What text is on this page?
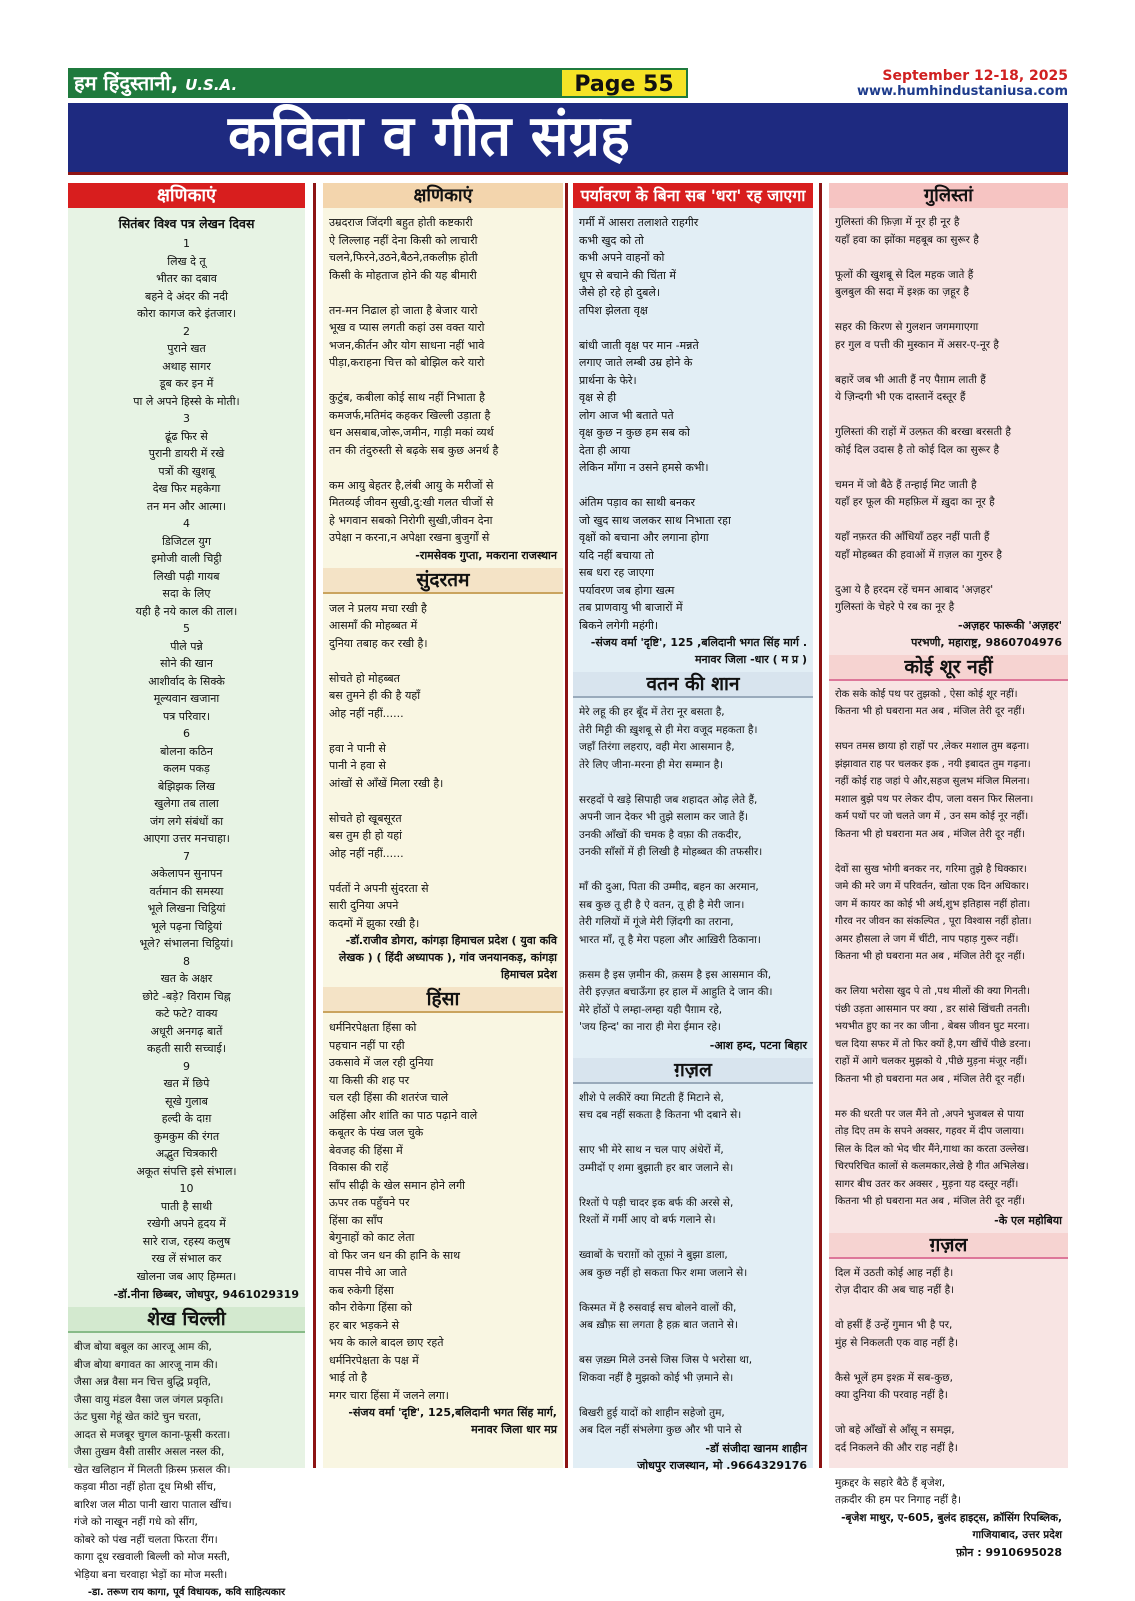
हम हिंदुस्तानी, U.S.A.	Page 55	September 12-18, 2025
www.humhindustaniusa.com
कविता व गीत संग्रह
क्षणिकाएं
सितंबर विश्व पत्र लेखन दिवस
1
लिख दे तू
भीतर का दबाव
बहने दे अंदर की नदी
कोरा कागज करे इंतजार।
2
पुराने खत
अथाह सागर
डूब कर इन में
पा ले अपने हिस्से के मोती।
3
ढूंढ फिर से
पुरानी डायरी में रखे
पत्रों की खुशबू
देख फिर महकेगा
तन मन और आत्मा।
4
डिजिटल युग
इमोजी वाली चिट्ठी
लिखी पढ़ी गायब
सदा के लिए
यही है नये काल की ताल।
5
पीले पन्ने
सोने की खान
आशीर्वाद के सिक्के
मूल्यवान खजाना
पत्र परिवार।
6
बोलना कठिन
कलम पकड़
बेझिझक लिख
खुलेगा तब ताला
जंग लगे संबंधों का
आएगा उत्तर मनचाहा।
7
अकेलापन सुनापन
वर्तमान की समस्या
भूले लिखना चिट्ठियां
भूले पढ़ना चिट्ठियां
भूले? संभालना चिट्ठियां।
8
खत के अक्षर
छोटे -बड़े? विराम चिह्न
कटे फटे? वाक्य
अधूरी अनगढ़ बातें
कहती सारी सच्चाई।
9
खत में छिपे
सूखे गुलाब
हल्दी के दाग़
कुमकुम की रंगत
अद्भुत चित्रकारी
अकूत संपत्ति इसे संभाल।
10
पाती है साथी
रखेगी अपने हृदय में
सारे राज, रहस्य कलुष
रख लें संभाल कर
खोलना जब आए हिम्मत।
-डॉ.नीना छिब्बर, जोधपुर, 9461029319
शेख चिल्ली
बीज बोया बबूल का आरजू आम की,
बीज बोया बगावत का आरजू नाम की।
जैसा अन्न वैसा मन चित्त बुद्धि प्रवृति,
जैसा वायु मंडल वैसा जल जंगल प्रकृति।
ऊंट घुसा गेहूं खेत कांटे चुन चरता,
आदत से मजबूर चुगल काना-फूसी करता।
जैसा तुखम वैसी तासीर असल नस्ल की,
खेत खलिहान में मिलती क़िस्म फ़सल की।
कड़वा मीठा नहीं होता दूध मिश्री सींच,
बारिश जल मीठा पानी खारा पाताल खींच।
गंजे को नाखून नहीं गधे को सींग,
कोबरे को पंख नहीं चलता फिरता रींग।
कागा दूध रखवाली बिल्ली को मोज मस्ती,
भेड़िया बना चरवाहा भेड़ों का मोज मस्ती।
-डा. तरूण राय कागा, पूर्व विधायक, कवि साहित्यकार
क्षणिकाएं
उम्रदराज जिंदगी बहुत होती कष्टकारी
ऐ लिल्लाह नहीं देना किसी को लाचारी
चलने,फिरने,उठने,बैठने,तकलीफ़ होती
किसी के मोहताज होने की यह बीमारी
तन-मन निढाल हो जाता है बेजार यारो
भूख व प्यास लगती कहां उस वक्त यारो
भजन,कीर्तन और योग साधना नहीं भावे
पीड़ा,कराहना चित्त को बोझिल करे यारो
कुटुंब, कबीला कोई साथ नहीं निभाता है
कमजर्फ,मतिमंद कहकर खिल्ली उड़ाता है
धन असबाब,जोरू,जमीन, गाड़ी मकां व्यर्थ
तन की तंदुरुस्ती से बढ़के सब कुछ अनर्थ है
कम आयु बेहतर है,लंबी आयु के मरीजों से
मितव्यई जीवन सुखी,दु:खी गलत चीजों से
हे भगवान सबको निरोगी सुखी,जीवन देना
उपेक्षा न करना,न अपेक्षा रखना बुजुर्गों से
-रामसेवक गुप्ता, मकराना राजस्थान
सुंदरतम
जल ने प्रलय मचा रखी है
आसमाँ की मोहब्बत में
दुनिया तबाह कर रखी है।
सोचते हो मोहब्बत
बस तुमने ही की है यहाँ
ओह नहीं नहीं......
हवा ने पानी से
पानी ने हवा से
आंखों से आँखें मिला रखी है।
सोचते हो खूबसूरत
बस तुम ही हो यहां
ओह नहीं नहीं......
पर्वतों ने अपनी सुंदरता से
सारी दुनिया अपने
कदमों में झुका रखी है।
-डॉ.राजीव डोगरा, कांगड़ा हिमाचल प्रदेश ( युवा कवि लेखक ) ( हिंदी अध्यापक ), गांव जनयानकड़, कांगड़ा हिमाचल प्रदेश
हिंसा
धर्मनिरपेक्षता हिंसा को
पहचान नहीं पा रही
उकसावे में जल रही दुनिया
या किसी की शह पर
चल रही हिंसा की शतरंज चाले
अहिंसा और शांति का पाठ पढ़ाने वाले
कबूतर के पंख जल चुके
बेवजह की हिंसा में
विकास की राहें
साँप सीढ़ी के खेल समान होने लगी
ऊपर तक पहुँचने पर
हिंसा का साँप
बेगुनाहों को काट लेता
वो फिर जन धन की हानि के साथ
वापस नीचे आ जाते
कब रुकेगी हिंसा
कौन रोकेगा हिंसा को
हर बार भड़कने से
भय के काले बादल छाए रहते
धर्मनिरपेक्षता के पक्ष में
भाई तो है
मगर चारा हिंसा में जलने लगा।
-संजय वर्मा 'दृष्टि', 125,बलिदानी भगत सिंह मार्ग, मनावर जिला धार मप्र
पर्यावरण के बिना सब 'धरा' रह जाएगा
गर्मी में आसरा तलाशते राहगीर
कभी खुद को तो
कभी अपने वाहनों को
धूप से बचाने की चिंता में
जैसे हो रहे हो दुबले।
तपिश झेलता वृक्ष
बांधी जाती वृक्ष पर मान -मन्नते
लगाए जाते लम्बी उम्र होने के
प्रार्थना के फेरे।
वृक्ष से ही
लोग आज भी बताते पते
वृक्ष कुछ न कुछ हम सब को
देता ही आया
लेकिन माँगा न उसने हमसे कभी।
अंतिम पड़ाव का साथी बनकर
जो खुद साथ जलकर साथ निभाता रहा
वृक्षों को बचाना और लगाना होगा
यदि नहीं बचाया तो
सब धरा रह जाएगा
पर्यावरण जब होगा खत्म
तब प्राणवायु भी बाजारों में
बिकने लगेगी महंगी।
-संजय वर्मा 'दृष्टि', 125 ,बलिदानी भगत सिंह मार्ग . मनावर जिला -धार ( म प्र )
वतन की शान
मेरे लहू की हर बूँद में तेरा नूर बसता है,
तेरी मिट्टी की ख़ुशबू से ही मेरा वजूद महकता है।
जहाँ तिरंगा लहराए, वही मेरा आसमान है,
तेरे लिए जीना-मरना ही मेरा सम्मान है।
सरहदों पे खड़े सिपाही जब शहादत ओढ़ लेते हैं,
अपनी जान देकर भी तुझे सलाम कर जाते हैं।
उनकी आँखों की चमक है वफ़ा की तकदीर,
उनकी साँसों में ही लिखी है मोहब्बत की तफसीर।
माँ की दुआ, पिता की उम्मीद, बहन का अरमान,
सब कुछ तू ही है ऐ वतन, तू ही है मेरी जान।
तेरी गलियों में गूंजे मेरी ज़िंदगी का तराना,
भारत माँ, तू है मेरा पहला और आख़िरी ठिकाना।
क़सम है इस ज़मीन की, क़सम है इस आसमान की,
तेरी इज़्ज़त बचाऊँगा हर हाल में आहुति दे जान की।
मेरे होंठों पे लम्हा-लम्हा यही पैग़ाम रहे,
'जय हिन्द' का नारा ही मेरा ईमान रहे।
-आश हम्द, पटना बिहार
ग़ज़ल
शीशे पे लकीरें क्या मिटती हैं मिटाने से,
सच दब नहीं सकता है कितना भी दबाने से।
साए भी मेरे साथ न चल पाए अंधेरों में,
उम्मीदों ए शमा बुझाती हर बार जलाने से।
रिश्तों पे पड़ी चादर इक बर्फ की अरसे से,
रिश्तों में गर्मी आए वो बर्फ गलाने से।
ख्वाबों के चराग़ों को तूफ़ां ने बुझा डाला,
अब कुछ नहीं हो सकता फिर शमा जलाने से।
किस्मत में है रुसवाई सच बोलने वालों की,
अब ख़ौफ़ सा लगता है हक़ बात जताने से।
बस ज़ख़्म मिले उनसे जिस जिस पे भरोसा था,
शिकवा नहीं है मुझको कोई भी ज़माने से।
बिखरी हुई यादों को शाहीन सहेजो तुम,
अब दिल नहीं संभलेगा कुछ और भी पाने से
-डॉ संजीदा खानम शाहीन
जोधपुर राजस्थान, मो .9664329176
गुलिस्तां
गुलिस्तां की फ़िज़ा में नूर ही नूर है
यहाँ हवा का झोंका महबूब का सुरूर है
फूलों की खुशबू से दिल महक जाते हैं
बुलबुल की सदा में इश्क़ का ज़हूर है
सहर की किरण से गुलशन जगमगाएगा
हर गुल व पत्ती की मुस्कान में असर-ए-नूर है
बहारें जब भी आती हैं नए पैग़ाम लाती हैं
ये ज़िन्दगी भी एक दास्तानें दस्तूर हैं
गुलिस्तां की राहों में उल्फ़त की बरखा बरसती है
कोई दिल उदास है तो कोई दिल का सुरूर है
चमन में जो बैठे हैं तन्हाई मिट जाती है
यहाँ हर फूल की महफ़िल में ख़ुदा का नूर है
यहाँ नफ़रत की आँधियाँ ठहर नहीं पाती हैं
यहाँ मोहब्बत की हवाओं में ग़ज़ल का गुरुर है
दुआ ये है हरदम रहें चमन आबाद 'अज़हर'
गुलिस्तां के चेहरे पे रब का नूर है
-अज़हर फारूकी 'अज़हर'
परभणी, महाराष्ट्र, 9860704976
कोई शूर नहीं
रोक सके कोई पथ पर तुझको , ऐसा कोई शूर नहीं।
कितना भी हो घबराना मत अब , मंजिल तेरी दूर नहीं।
सघन तमस छाया हो राहों पर ,लेकर मशाल तुम बढ़ना।
झंझावात राह पर चलकर इक , नयी इबादत तुम गढ़ना।
नहीं कोई राह जहां पे और,सहज सुलभ मंजिल मिलना।
मशाल बुझे पथ पर लेकर दीप, जला वसन फिर सिलना।
कर्म पथों पर जो चलते जग में , उन सम कोई नूर नहीं।
कितना भी हो घबराना मत अब , मंजिल तेरी दूर नहीं।
देवों सा सुख भोगी बनकर नर, गरिमा तुझे है धिक्कार।
जमे की मरे जग में परिवर्तन, खोता एक दिन अधिकार।
जग में कायर का कोई भी अर्थ,शुभ इतिहास नहीं होता।
गौरव नर जीवन का संकल्पित , पूरा विश्वास नहीं होता।
अमर हौसला ले जग में चींटी, नाप पहाड़ गुरूर नहीं।
कितना भी हो घबराना मत अब , मंजिल तेरी दूर नहीं।
कर लिया भरोसा खुद पे तो ,पथ मीलों की क्या गिनती।
पंछी उड़ता आसमान पर क्या , डर सांसे खिंचती तनती।
भयभीत हुए का नर का जीना , बेबस जीवन घुट मरना।
चल दिया सफर में तो फिर क्यों है,पग खींचें पीछे डरना।
राहों में आगे चलकर मुझको ये ,पीछे मुड़ना मंजूर नहीं।
कितना भी हो घबराना मत अब , मंजिल तेरी दूर नहीं।
मरु की धरती पर जल मैंने तो ,अपने भुजबल से पाया
तोड़ दिए तम के सपने अक्सर, गहवर में दीप जलाया।
सिल के दिल को भेद चीर मैंने,गाथा का करता उल्लेख।
चिरपरिचित कालों से कलमकार,लेखे है गीत अभिलेख।
सागर बीच उतर कर अक्सर , मुड़ना यह दस्तूर नहीं।
कितना भी हो घबराना मत अब , मंजिल तेरी दूर नहीं।
-के एल महोबिया
ग़ज़ल
दिल में उठती कोई आह नहीं है।
रोज़ दीदार की अब चाह नहीं है।
वो हसीं हैं उन्हें गुमान भी है पर,
मुंह से निकलती एक वाह नहीं है।
कैसे भूलें हम इश्क़ में सब-कुछ,
क्या दुनिया की परवाह नहीं है।
जो बहे आँखों से आँसू न समझ,
दर्द निकलने की और राह नहीं है।
मुक़द्दर के सहारे बैठे हैं बृजेश,
तक़दीर की हम पर निगाह नहीं है।
-बृजेश माथुर, ए-605, बुलंद हाइट्स, क्रॉसिंग रिपब्लिक, गाजियाबाद, उत्तर प्रदेश
फ़ोन : 9910695028
